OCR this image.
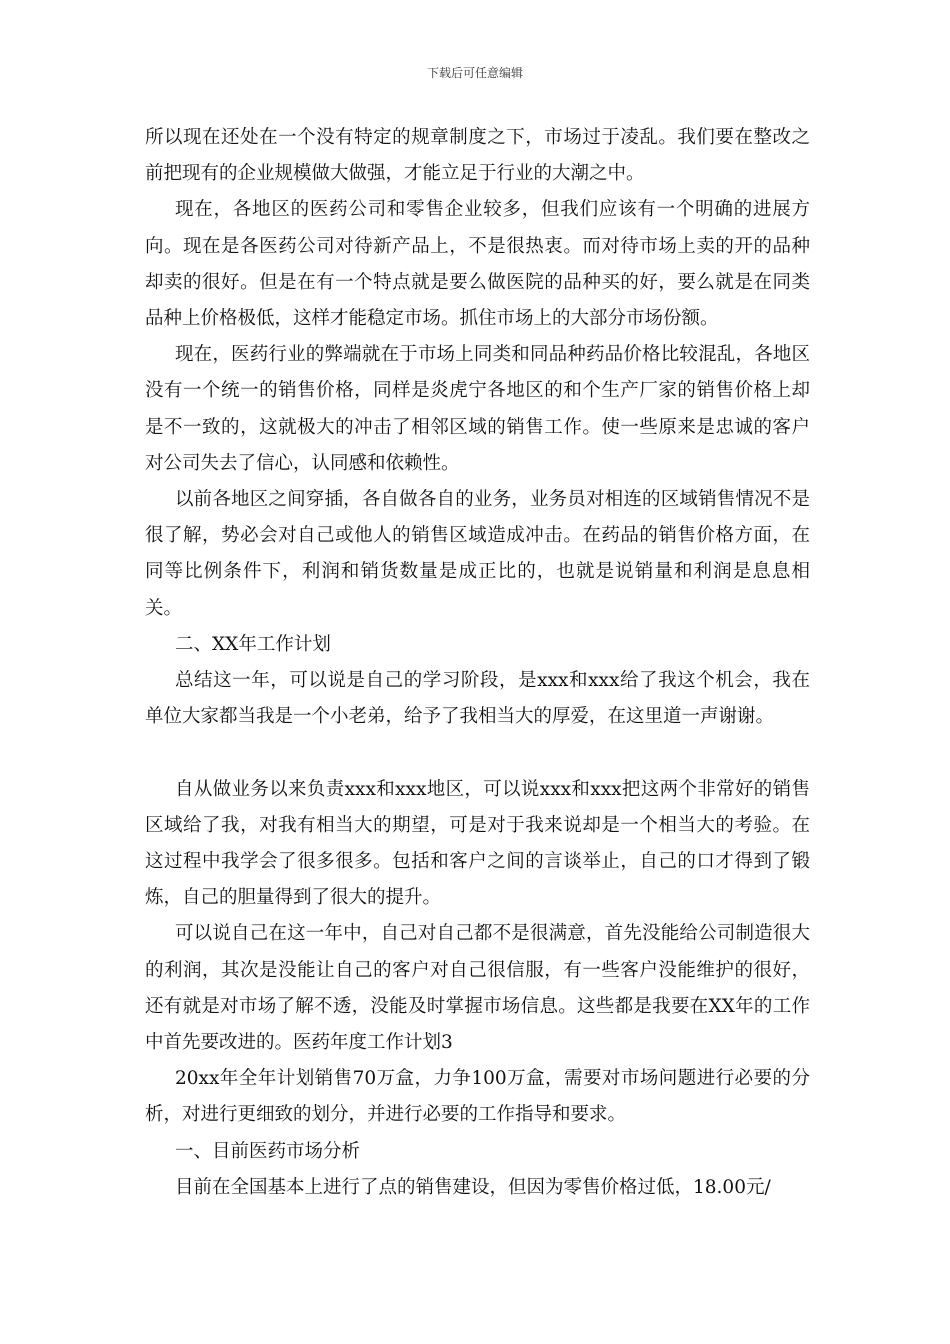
下载后可任意编辑

所以现在还处在一个没有特定的规章制度之下，市场过于凌乱。我们要在整改之前把现有的企业规模做大做强，才能立足于行业的大潮之中。

现在，各地区的医药公司和零售企业较多，但我们应该有一个明确的进展方向。现在是各医药公司对待新产品上，不是很热衷。而对待市场上卖的开的品种却卖的很好。但是在有一个特点就是要么做医院的品种买的好，要么就是在同类品种上价格极低，这样才能稳定市场。抓住市场上的大部分市场份额。

现在，医药行业的弊端就在于市场上同类和同品种药品价格比较混乱，各地区没有一个统一的销售价格，同样是炎虎宁各地区的和个生产厂家的销售价格上却是不一致的，这就极大的冲击了相邻区域的销售工作。使一些原来是忠诚的客户对公司失去了信心，认同感和依赖性。

以前各地区之间穿插，各自做各自的业务，业务员对相连的区域销售情况不是很了解，势必会对自己或他人的销售区域造成冲击。在药品的销售价格方面，在同等比例条件下，利润和销货数量是成正比的，也就是说销量和利润是息息相关。

二、XX年工作计划

总结这一年，可以说是自己的学习阶段，是xxx和xxx给了我这个机会，我在单位大家都当我是一个小老弟，给予了我相当大的厚爱，在这里道一声谢谢。

自从做业务以来负责xxx和xxx地区，可以说xxx和xxx把这两个非常好的销售区域给了我，对我有相当大的期望，可是对于我来说却是一个相当大的考验。在这过程中我学会了很多很多。包括和客户之间的言谈举止，自己的口才得到了锻炼，自己的胆量得到了很大的提升。

可以说自己在这一年中，自己对自己都不是很满意，首先没能给公司制造很大的利润，其次是没能让自己的客户对自己很信服，有一些客户没能维护的很好，还有就是对市场了解不透，没能及时掌握市场信息。这些都是我要在XX年的工作中首先要改进的。医药年度工作计划3

20xx年全年计划销售70万盒，力争100万盒，需要对市场问题进行必要的分析，对进行更细致的划分，并进行必要的工作指导和要求。

一、目前医药市场分析

目前在全国基本上进行了点的销售建设，但因为零售价格过低，18.00元/
